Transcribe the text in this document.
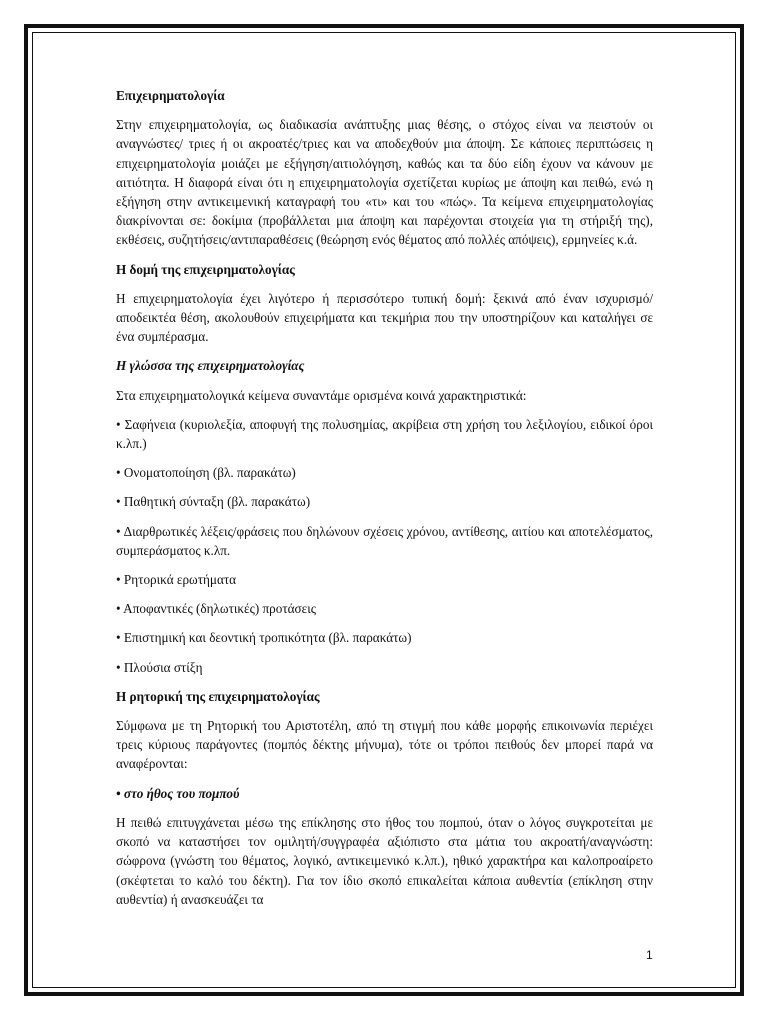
Επιχειρηματολογία

Στην επιχειρηματολογία, ως διαδικασία ανάπτυξης μιας θέσης, ο στόχος είναι να πειστούν οι αναγνώστες/ τριες ή οι ακροατές/τριες και να αποδεχθούν μια άποψη. Σε κάποιες περιπτώσεις η επιχειρηματολογία μοιάζει με εξήγηση/αιτιολόγηση, καθώς και τα δύο είδη έχουν να κάνουν με αιτιότητα. Η διαφορά είναι ότι η επιχειρηματολογία σχετίζεται κυρίως με άποψη και πειθώ, ενώ η εξήγηση στην αντικειμενική καταγραφή του «τι» και του «πώς». Τα κείμενα επιχειρηματολογίας διακρίνονται σε: δοκίμια (προβάλλεται μια άποψη και παρέχονται στοιχεία για τη στήριξή της), εκθέσεις, συζητήσεις/αντιπαραθέσεις (θεώρηση ενός θέματος από πολλές απόψεις), ερμηνείες κ.ά.

Η δομή της επιχειρηματολογίας

Η επιχειρηματολογία έχει λιγότερο ή περισσότερο τυπική δομή: ξεκινά από έναν ισχυρισμό/αποδεικτέα θέση, ακολουθούν επιχειρήματα και τεκμήρια που την υποστηρίζουν και καταλήγει σε ένα συμπέρασμα.

Η γλώσσα της επιχειρηματολογίας

Στα επιχειρηματολογικά κείμενα συναντάμε ορισμένα κοινά χαρακτηριστικά:

• Σαφήνεια (κυριολεξία, αποφυγή της πολυσημίας, ακρίβεια στη χρήση του λεξιλογίου, ειδικοί όροι κ.λπ.)

• Ονοματοποίηση (βλ. παρακάτω)

• Παθητική σύνταξη (βλ. παρακάτω)

• Διαρθρωτικές λέξεις/φράσεις που δηλώνουν σχέσεις χρόνου, αντίθεσης, αιτίου και αποτελέσματος, συμπεράσματος κ.λπ.

• Ρητορικά ερωτήματα

• Αποφαντικές (δηλωτικές) προτάσεις

• Επιστημική και δεοντική τροπικότητα (βλ. παρακάτω)

• Πλούσια στίξη

Η ρητορική της επιχειρηματολογίας

Σύμφωνα με τη Ρητορική του Αριστοτέλη, από τη στιγμή που κάθε μορφής επικοινωνία περιέχει τρεις κύριους παράγοντες (πομπός δέκτης μήνυμα), τότε οι τρόποι πειθούς δεν μπορεί παρά να αναφέρονται:

• στο ήθος του πομπού

Η πειθώ επιτυγχάνεται μέσω της επίκλησης στο ήθος του πομπού, όταν ο λόγος συγκροτείται με σκοπό να καταστήσει τον ομιλητή/συγγραφέα αξιόπιστο στα μάτια του ακροατή/αναγνώστη: σώφρονα (γνώστη του θέματος, λογικό, αντικειμενικό κ.λπ.), ηθικό χαρακτήρα και καλοπροαίρετο (σκέφτεται το καλό του δέκτη). Για τον ίδιο σκοπό επικαλείται κάποια αυθεντία (επίκληση στην αυθεντία) ή ανασκευάζει τα

1
